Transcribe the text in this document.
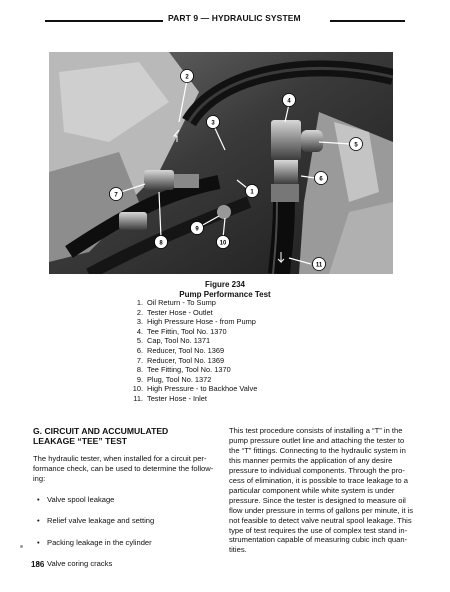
PART 9 — HYDRAULIC SYSTEM
2
3
4
5
6
1
7
8
9
10
11
Figure 234
Pump Performance Test
1. Oil Return - To Sump
2. Tester Hose - Outlet
3. High Pressure Hose - from Pump
4. Tee Fittin, Tool No. 1370
5. Cap, Tool No. 1371
6. Reducer, Tool No. 1369
7. Reducer, Tool No. 1369
8. Tee Fitting, Tool No. 1370
9. Plug, Tool No. 1372
10. High Pressure - to Backhoe Valve
11. Tester Hose - Inlet
G. CIRCUIT AND ACCUMULATED
LEAKAGE “TEE” TEST

The hydraulic tester, when installed for a circuit per-
formance check, can be used to determine the follow-
ing:

• Valve spool leakage
• Relief valve leakage and setting
• Packing leakage in the cylinder
• Valve coring cracks
This test procedure consists of installing a “T” in the
pump pressure outlet line and attaching the tester to
the “T” fittings. Connecting to the hydraulic system in
this manner permits the application of any desire
pressure to individual components. Through the pro-
cess of elimination, it is possible to trace leakage to a
particular component while white system is under
pressure. Since the tester is designed to measure oil
flow under pressure in terms of gallons per minute, it is
not feasible to detect valve neutral spool leakage. This
type of test requires the use of complex test stand in-
strumentation capable of measuring cubic inch quan-
tities.
186
